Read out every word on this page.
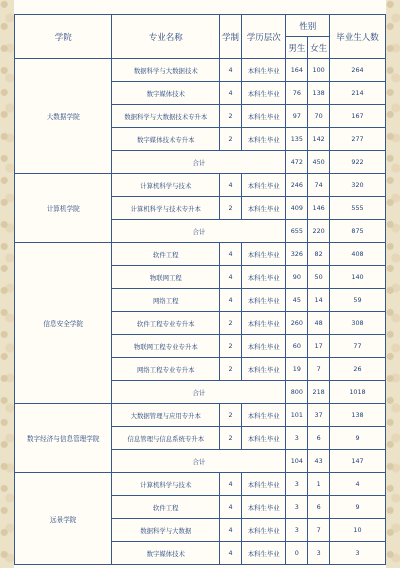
学院	专业名称	学制	学历层次	性别		毕业生人数
				男生	女生	
大数据学院	数据科学与大数据技术	4	本科生毕业	164	100	264
	数字媒体技术	4	本科生毕业	76	138	214
	数据科学与大数据技术专升本	2	本科生毕业	97	70	167
	数字媒体技术专升本	2	本科生毕业	135	142	277
	合计			472	450	922
计算机学院	计算机科学与技术	4	本科生毕业	246	74	320
	计算机科学与技术专升本	2	本科生毕业	409	146	555
	合计			655	220	875
信息安全学院	软件工程	4	本科生毕业	326	82	408
	物联网工程	4	本科生毕业	90	50	140
	网络工程	4	本科生毕业	45	14	59
	软件工程专业专升本	2	本科生毕业	260	48	308
	物联网工程专业专升本	2	本科生毕业	60	17	77
	网络工程专业专升本	2	本科生毕业	19	7	26
	合计			800	218	1018
数字经济与信息管理学院	大数据管理与应用专升本	2	本科生毕业	101	37	138
	信息管理与信息系统专升本	2	本科生毕业	3	6	9
	合计			104	43	147
远景学院	计算机科学与技术	4	本科生毕业	3	1	4
	软件工程	4	本科生毕业	3	6	9
	数据科学与大数据	4	本科生毕业	3	7	10
	数字媒体技术	4	本科生毕业	0	3	3
